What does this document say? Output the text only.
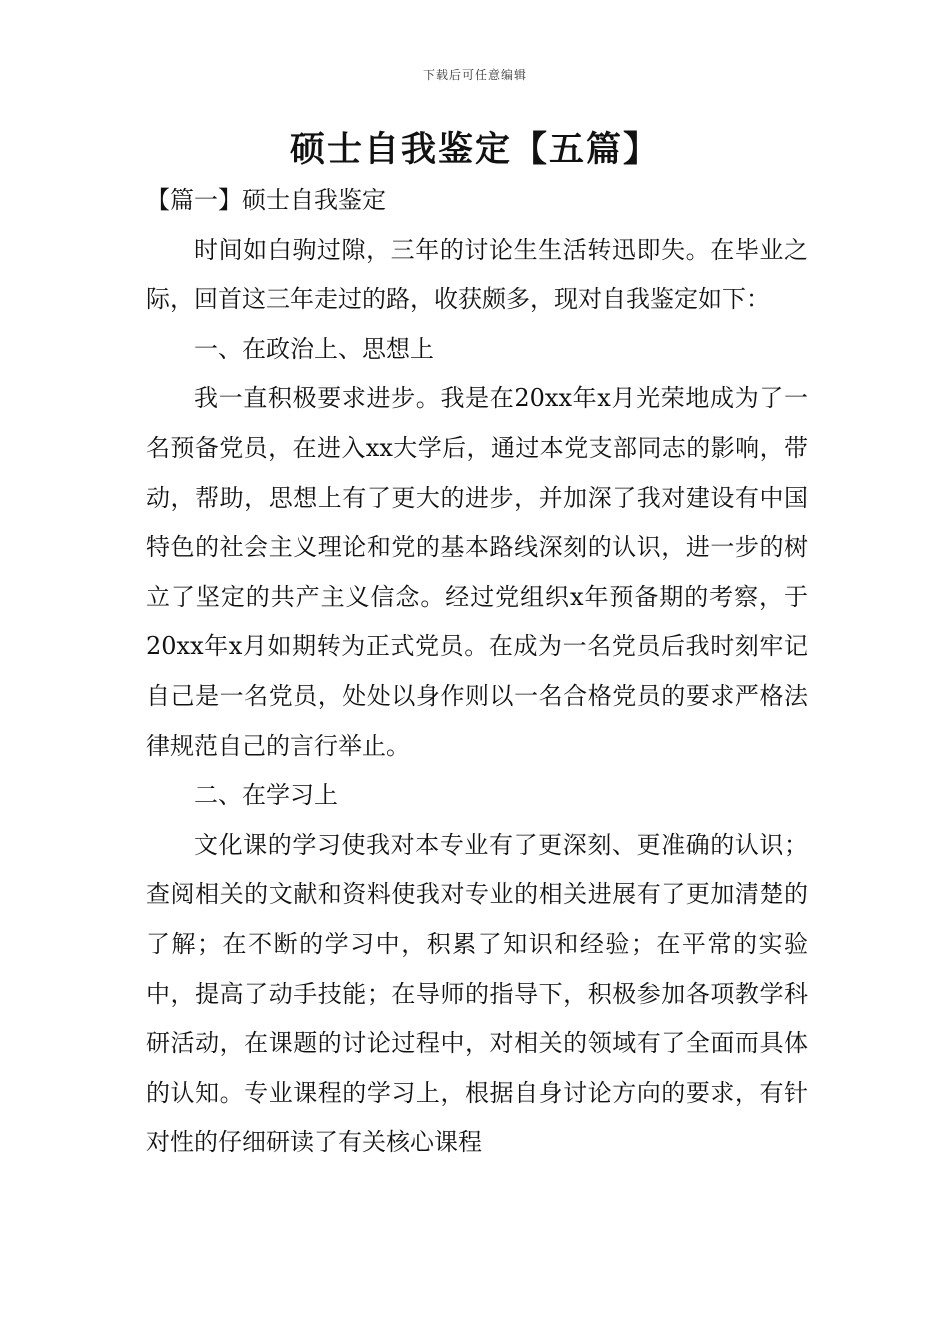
下载后可任意编辑
硕士自我鉴定【五篇】

【篇一】硕士自我鉴定

时间如白驹过隙，三年的讨论生生活转迅即失。在毕业之际，回首这三年走过的路，收获颇多，现对自我鉴定如下：

一、在政治上、思想上

我一直积极要求进步。我是在20xx年x月光荣地成为了一名预备党员，在进入xx大学后，通过本党支部同志的影响，带动，帮助，思想上有了更大的进步，并加深了我对建设有中国特色的社会主义理论和党的基本路线深刻的认识，进一步的树立了坚定的共产主义信念。经过党组织x年预备期的考察，于20xx年x月如期转为正式党员。在成为一名党员后我时刻牢记自己是一名党员，处处以身作则以一名合格党员的要求严格法律规范自己的言行举止。

二、在学习上

文化课的学习使我对本专业有了更深刻、更准确的认识；查阅相关的文献和资料使我对专业的相关进展有了更加清楚的了解；在不断的学习中，积累了知识和经验；在平常的实验中，提高了动手技能；在导师的指导下，积极参加各项教学科研活动，在课题的讨论过程中，对相关的领域有了全面而具体的认知。专业课程的学习上，根据自身讨论方向的要求，有针对性的仔细研读了有关核心课程
